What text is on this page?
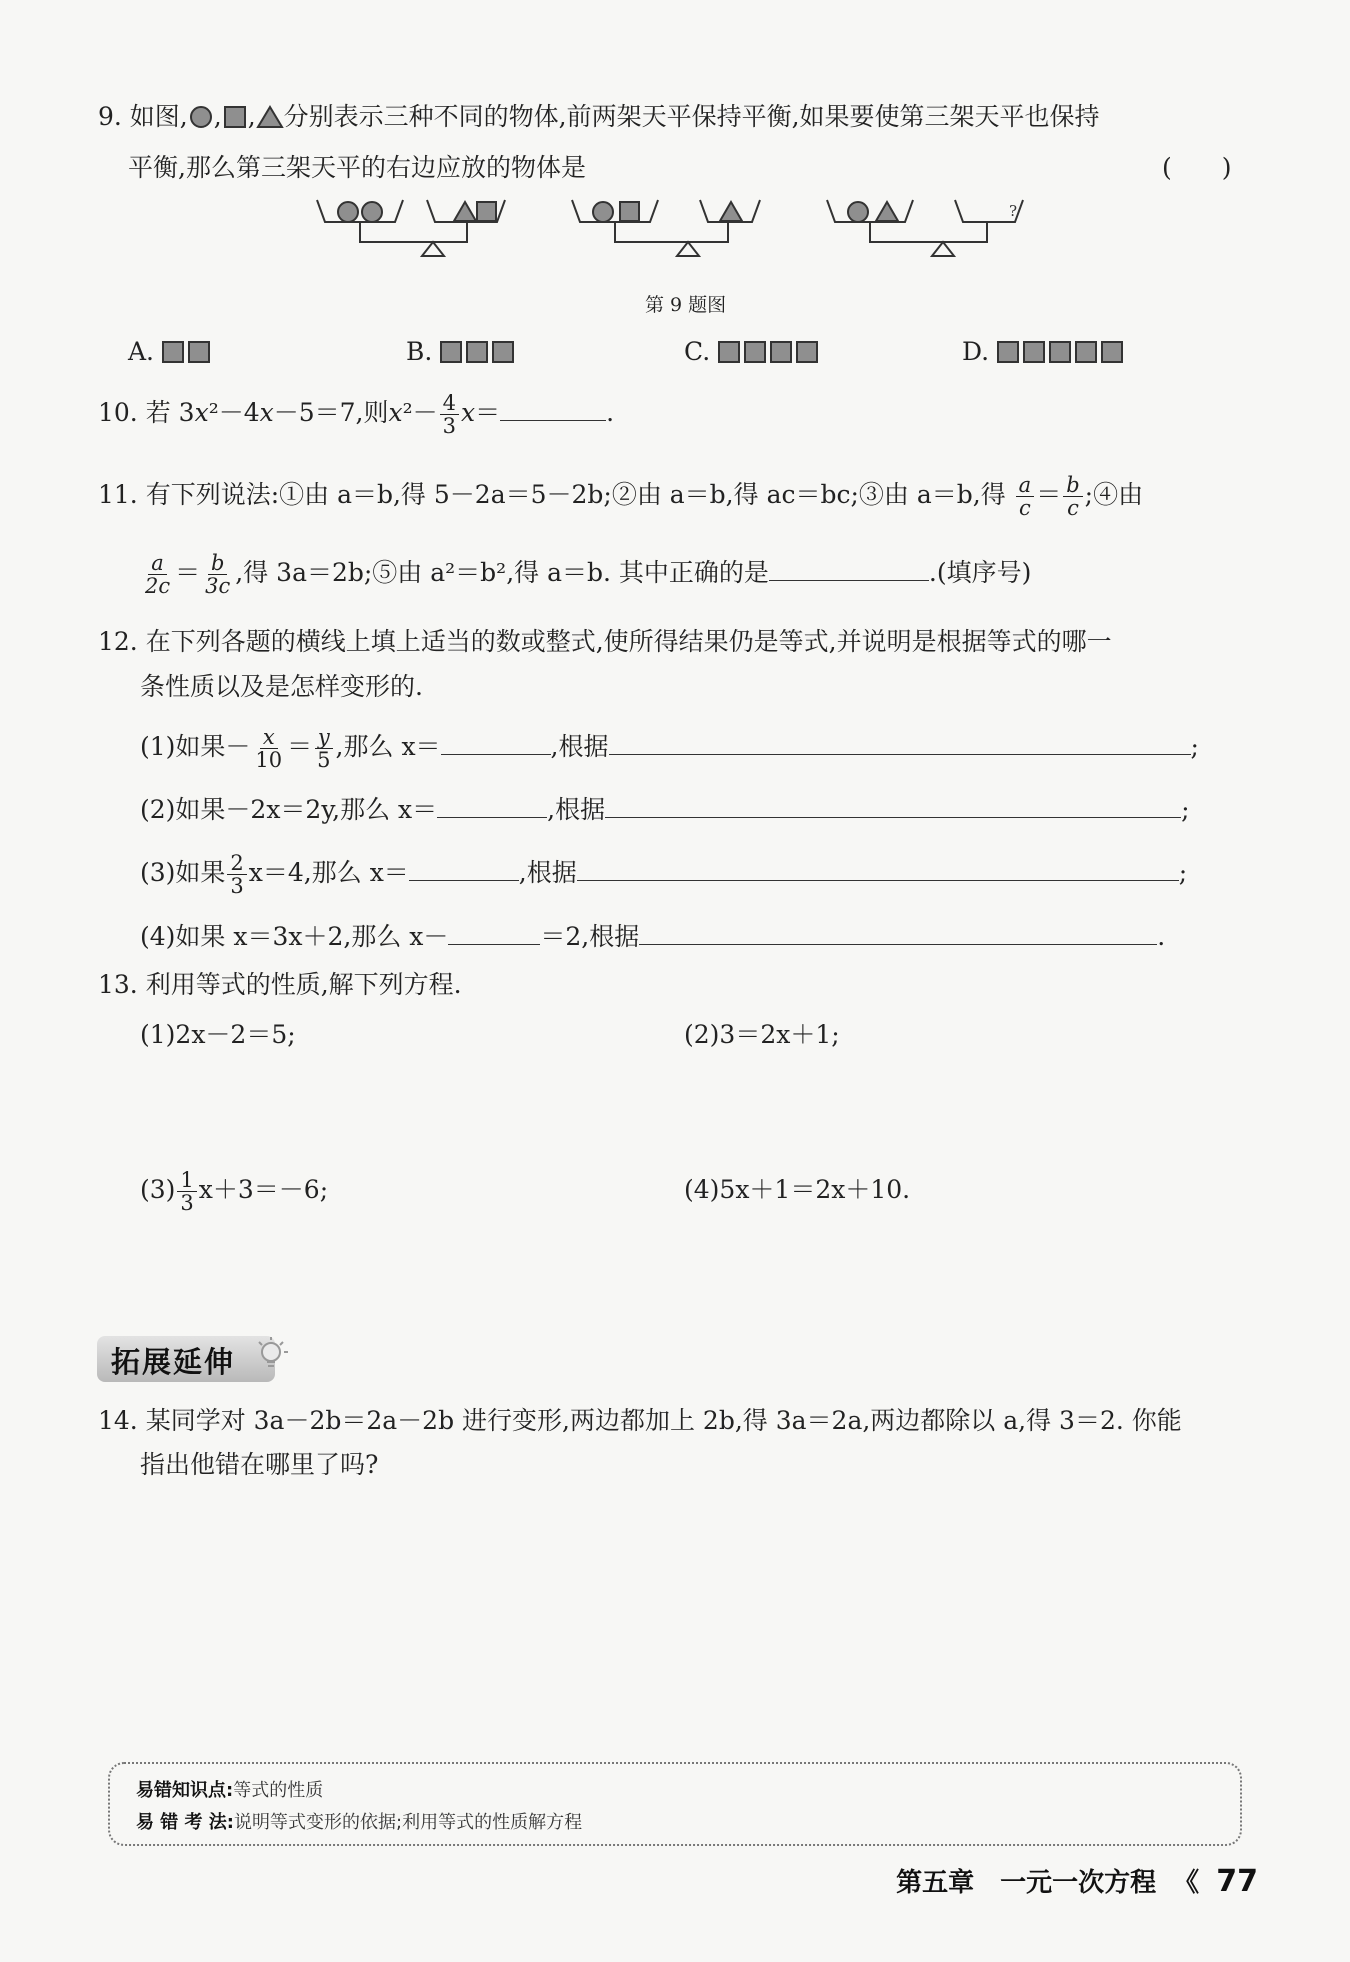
9. 如图, , , 分别表示三种不同的物体,前两架天平保持平衡,如果要使第三架天平也保持
平衡,那么第三架天平的右边应放的物体是	(　　)
?
第 9 题图
A.	B.	C.	D.
10. 若 3x²－4x－5＝7,则$x^2- \frac{4}{3} x=$	.
11. 有下列说法:①由 a＝b,得 5－2a＝5－2b;②由 a＝b,得 ac＝bc;③由 a＝b,得 $\frac{a}{c} = \frac{b}{c}$ ;④由
$\frac{a}{2c} = \frac{b}{3c}$ ,得 3a＝2b;⑤由 a²＝b²,得 a＝b. 其中正确的是	.(填序号)
12. 在下列各题的横线上填上适当的数或整式,使所得结果仍是等式,并说明是根据等式的哪一
条性质以及是怎样变形的.
(1)如果－ $\frac{x}{10} = \frac{y}{5}$ ,那么 x＝	,根据	;
(2)如果－2x＝2y,那么 x＝	,根据	;
(3)如果 $\frac{2}{3} x=4$,那么 x＝	,根据	;
(4)如果 x＝3x＋2,那么 x－	＝2,根据	.
13. 利用等式的性质,解下列方程.
(1)2x－2＝5;	(2)3＝2x＋1;
$(3) \frac{1}{3} x+3=-6$;	(4)5x＋1＝2x＋10.
拓展延伸
14. 某同学对 3a－2b＝2a－2b 进行变形,两边都加上 2b,得 3a＝2a,两边都除以 a,得 3＝2. 你能
指出他错在哪里了吗?
易错知识点:等式的性质
易 错 考 法:说明等式变形的依据;利用等式的性质解方程
第五章　一元一次方程 《 77
